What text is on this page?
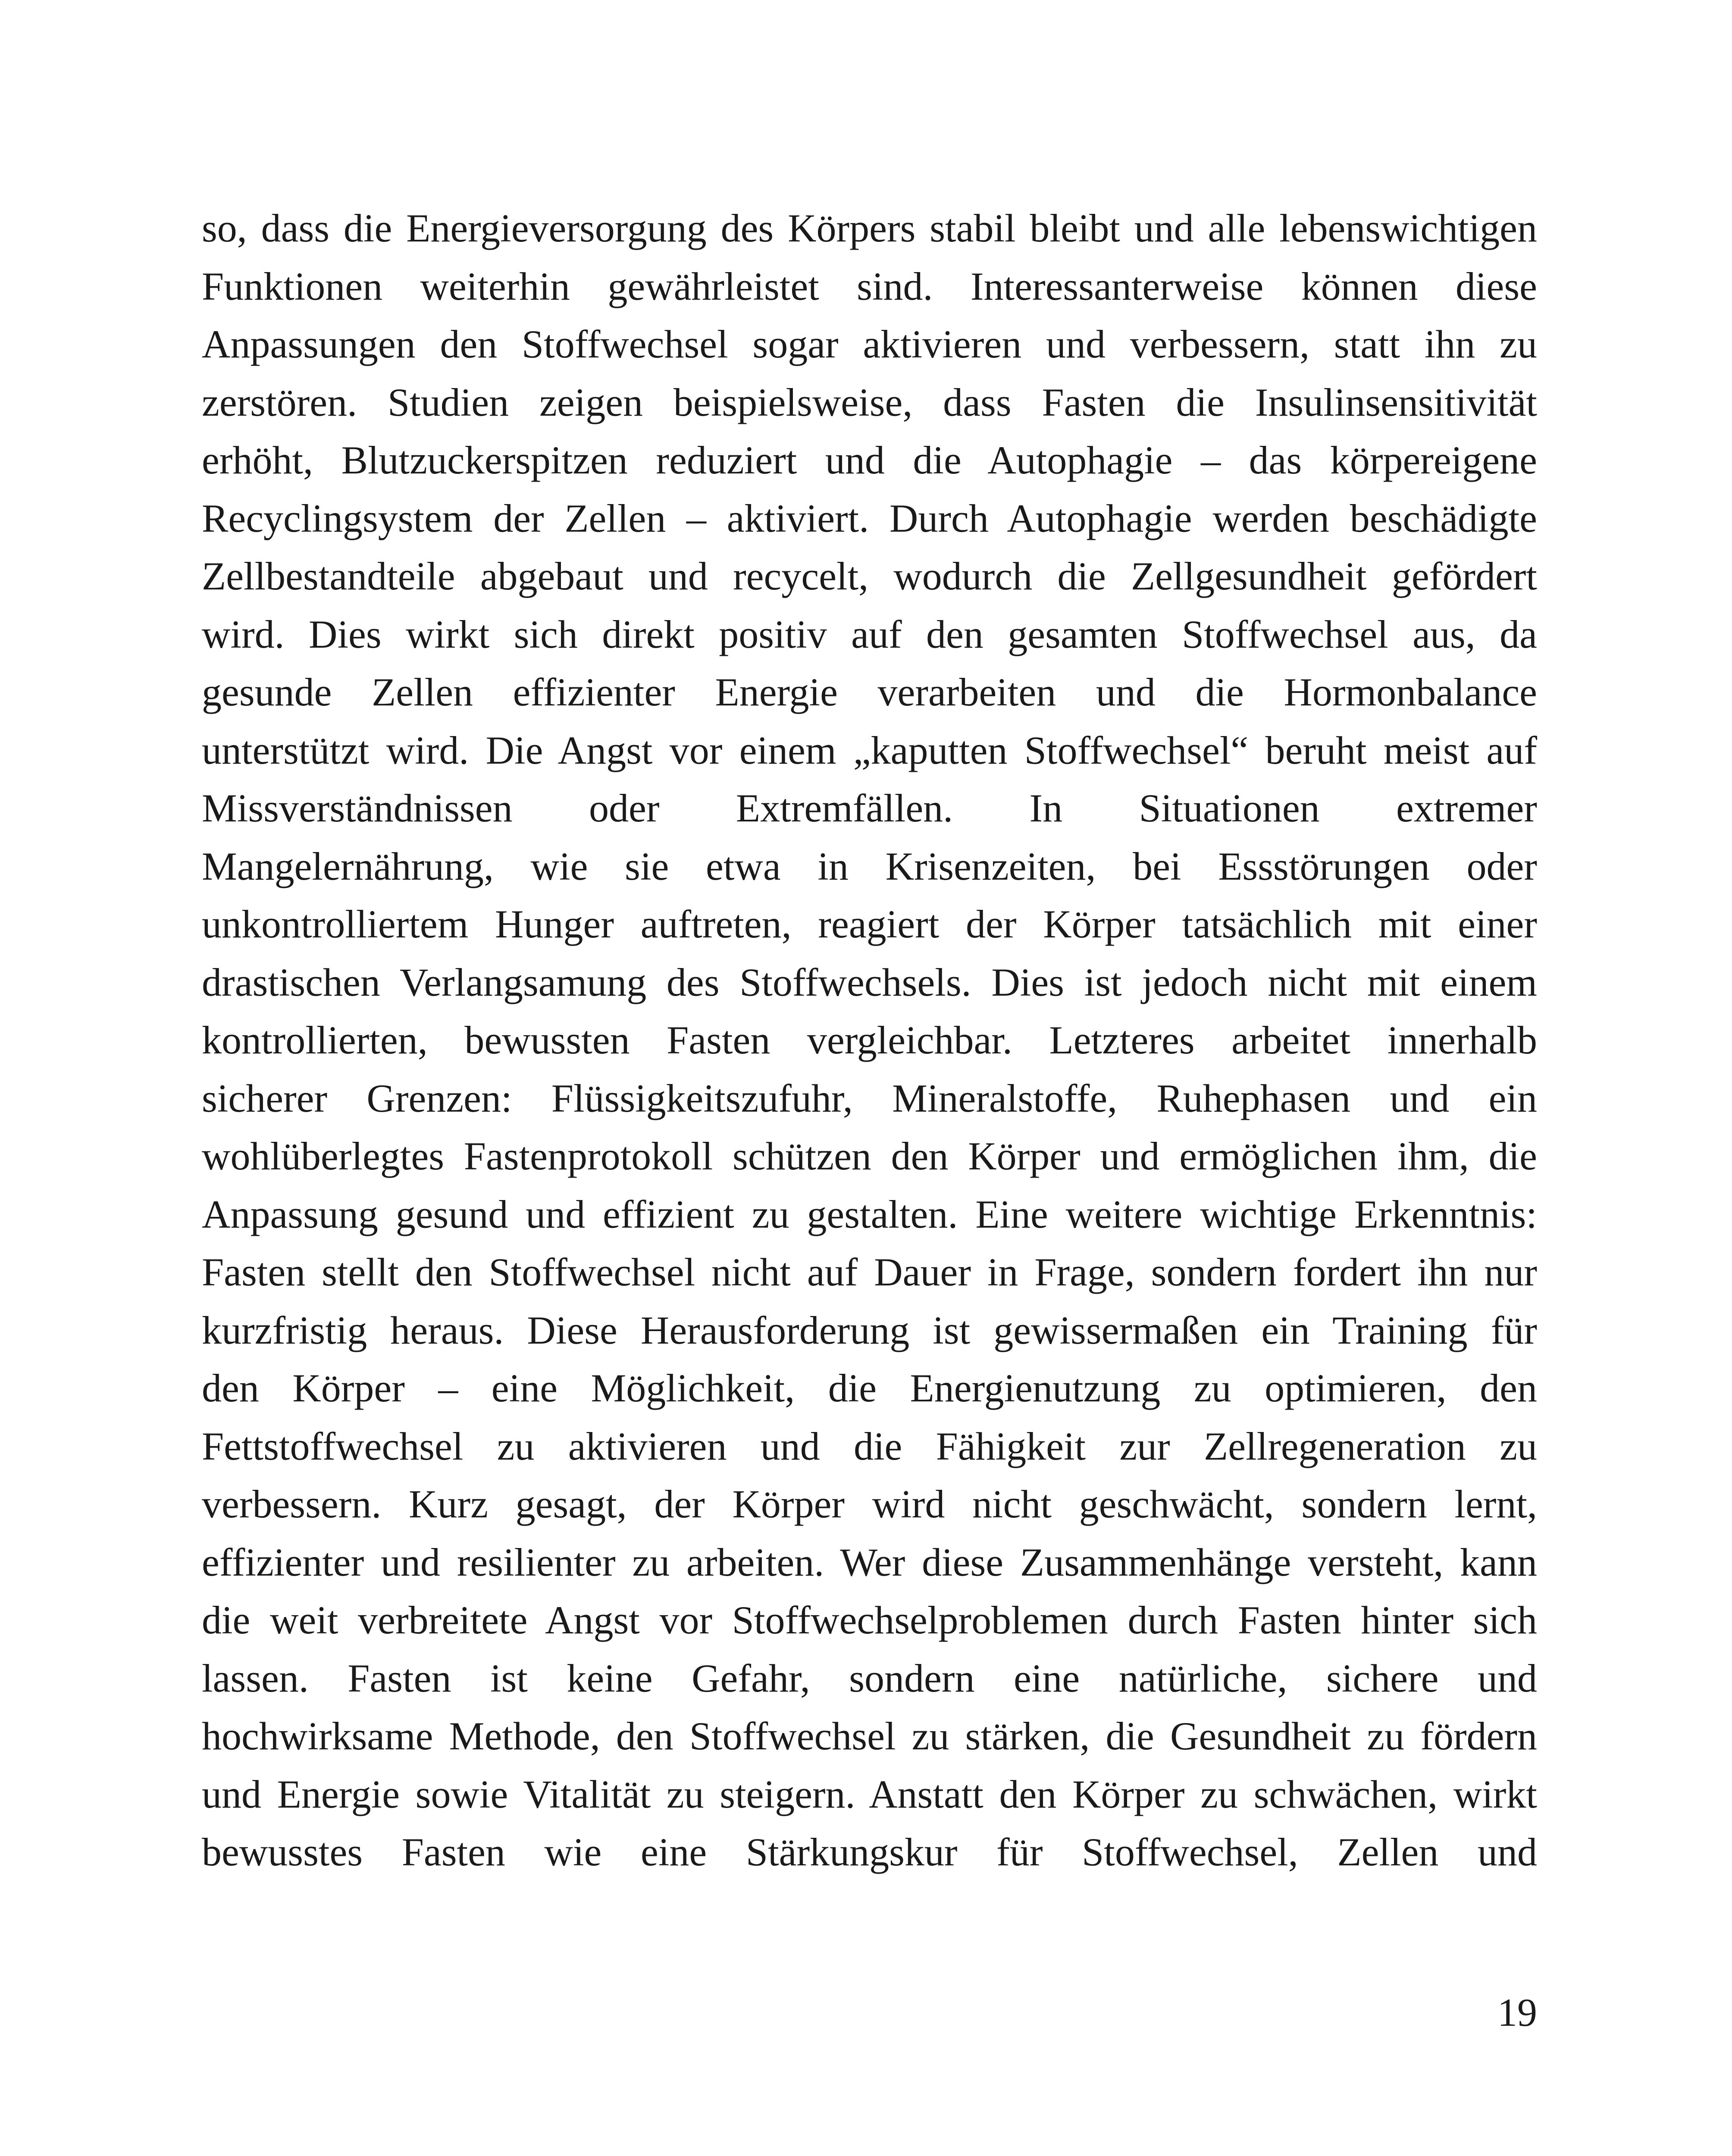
so, dass die Energieversorgung des Körpers stabil bleibt und alle lebenswichtigen
Funktionen weiterhin gewährleistet sind. Interessanterweise können diese
Anpassungen den Stoffwechsel sogar aktivieren und verbessern, statt ihn zu
zerstören. Studien zeigen beispielsweise, dass Fasten die Insulinsensitivität
erhöht, Blutzuckerspitzen reduziert und die Autophagie – das körpereigene
Recyclingsystem der Zellen – aktiviert. Durch Autophagie werden beschädigte
Zellbestandteile abgebaut und recycelt, wodurch die Zellgesundheit gefördert
wird. Dies wirkt sich direkt positiv auf den gesamten Stoffwechsel aus, da
gesunde Zellen effizienter Energie verarbeiten und die Hormonbalance
unterstützt wird. Die Angst vor einem „kaputten Stoffwechsel“ beruht meist auf
Missverständnissen oder Extremfällen. In Situationen extremer
Mangelernährung, wie sie etwa in Krisenzeiten, bei Essstörungen oder
unkontrolliertem Hunger auftreten, reagiert der Körper tatsächlich mit einer
drastischen Verlangsamung des Stoffwechsels. Dies ist jedoch nicht mit einem
kontrollierten, bewussten Fasten vergleichbar. Letzteres arbeitet innerhalb
sicherer Grenzen: Flüssigkeitszufuhr, Mineralstoffe, Ruhephasen und ein
wohlüberlegtes Fastenprotokoll schützen den Körper und ermöglichen ihm, die
Anpassung gesund und effizient zu gestalten. Eine weitere wichtige Erkenntnis:
Fasten stellt den Stoffwechsel nicht auf Dauer in Frage, sondern fordert ihn nur
kurzfristig heraus. Diese Herausforderung ist gewissermaßen ein Training für
den Körper – eine Möglichkeit, die Energienutzung zu optimieren, den
Fettstoffwechsel zu aktivieren und die Fähigkeit zur Zellregeneration zu
verbessern. Kurz gesagt, der Körper wird nicht geschwächt, sondern lernt,
effizienter und resilienter zu arbeiten. Wer diese Zusammenhänge versteht, kann
die weit verbreitete Angst vor Stoffwechselproblemen durch Fasten hinter sich
lassen. Fasten ist keine Gefahr, sondern eine natürliche, sichere und
hochwirksame Methode, den Stoffwechsel zu stärken, die Gesundheit zu fördern
und Energie sowie Vitalität zu steigern. Anstatt den Körper zu schwächen, wirkt
bewusstes Fasten wie eine Stärkungskur für Stoffwechsel, Zellen und
19
